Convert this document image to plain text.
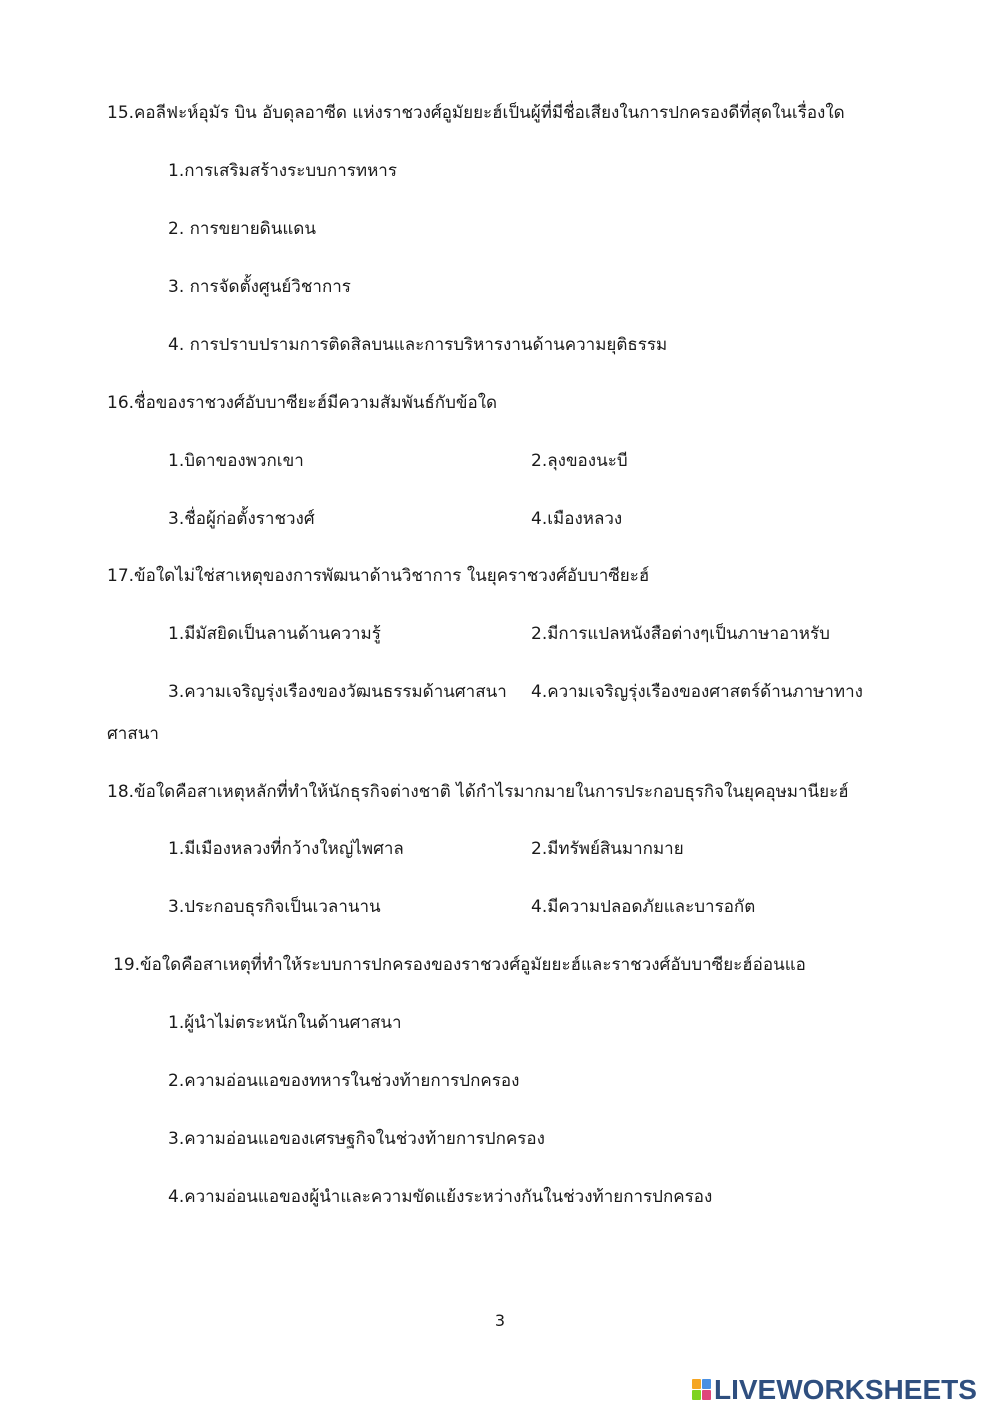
15.คอลีฟะห์อุมัร บิน อับดุลอาซีด แห่งราชวงศ์อูมัยยะฮ์เป็นผู้ที่มีชื่อเสียงในการปกครองดีที่สุดในเรื่องใด
1.การเสริมสร้างระบบการทหาร
2. การขยายดินแดน
3. การจัดตั้งศูนย์วิชาการ
4. การปราบปรามการติดสิลบนและการบริหารงานด้านความยุติธรรม
16.ชื่อของราชวงศ์อับบาซียะฮ์มีความสัมพันธ์กับข้อใด
1.บิดาของพวกเขา	2.ลุงของนะบี
3.ชื่อผู้ก่อตั้งราชวงศ์	4.เมืองหลวง
17.ข้อใดไม่ใช่สาเหตุของการพัฒนาด้านวิชาการ ในยุคราชวงศ์อับบาซียะฮ์
1.มีมัสยิดเป็นลานด้านความรู้	2.มีการแปลหนังสือต่างๆเป็นภาษาอาหรับ
3.ความเจริญรุ่งเรืองของวัฒนธรรมด้านศาสนา 4.ความเจริญรุ่งเรืองของศาสตร์ด้านภาษาทาง
ศาสนา
18.ข้อใดคือสาเหตุหลักที่ทำให้นักธุรกิจต่างชาติ ได้กำไรมากมายในการประกอบธุรกิจในยุคอุษมานียะฮ์
1.มีเมืองหลวงที่กว้างใหญ่ไพศาล	2.มีทรัพย์สินมากมาย
3.ประกอบธุรกิจเป็นเวลานาน	4.มีความปลอดภัยและบารอกัต
19.ข้อใดคือสาเหตุที่ทำให้ระบบการปกครองของราชวงศ์อูมัยยะฮ์และราชวงศ์อับบาซียะฮ์อ่อนแอ
1.ผู้นำไม่ตระหนักในด้านศาสนา
2.ความอ่อนแอของทหารในช่วงท้ายการปกครอง
3.ความอ่อนแอของเศรษฐกิจในช่วงท้ายการปกครอง
4.ความอ่อนแอของผู้นำและความขัดแย้งระหว่างกันในช่วงท้ายการปกครอง
3
LIVEWORKSHEETS
